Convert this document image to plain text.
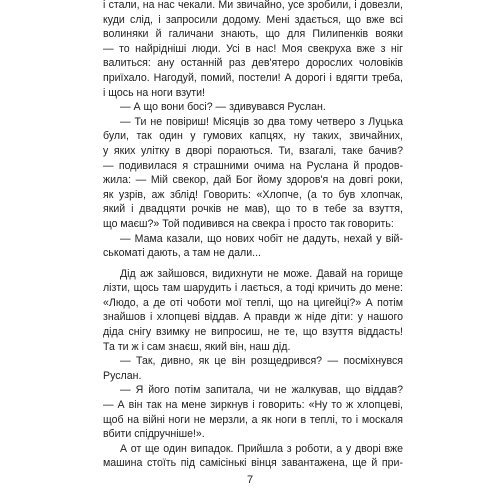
і стали, на нас чекали. Ми звичайно, усе зробили, і довезли,
куди слід, і запросили додому. Мені здається, що вже всі
волиняки й галичани знають, що для Пилипенків вояки
— то найрідніші люди. Усі в нас! Моя свекруха вже з ніг
валиться: ану останній раз дев'ятеро дорослих чоловіків
приїхало. Нагодуй, помий, постели! А дорогі і вдягти треба,
і щось на ноги взути!
— А що вони босі? — здивувався Руслан.
— Ти не повіриш! Місяців зо два тому четверо з Луцька
були, так один у гумових капцях, ну таких, звичайних,
у яких улітку в дворі пораються. Ти, взагалі, таке бачив?
— подивилася я страшними очима на Руслана й продов-
жила: — Мій свекор, дай Бог йому здоров'я на довгі роки,
як узрів, аж зблід! Говорить: «Хлопче, (а то був хлопчак,
який і двадцяти рочків не мав), що то в тебе за взуття,
що маєш?» Той подивився на свекра і просто так говорить:
— Мама казали, що нових чобіт не дадуть, нехай у вій-
ськоматі дають, а там не дали...
Дід аж зайшовся, видихнути не може. Давай на горище
лізти, щось там шарудить і лається, а тоді кричить до мене:
«Людо, а де оті чоботи мої теплі, що на цигейці?» А потім
знайшов і хлопцеві віддав. А правди ж ніде діти: у нашого
діда снігу взимку не випросиш, не те, що взуття віддасть!
Та ти ж і сам знаєш, який він, наш дід.
— Так, дивно, як це він розщедрився? — посміхнувся
Руслан.
— Я його потім запитала, чи не жалкував, що віддав?
— А він так на мене зиркнув і говорить: «Ну то ж хлопцеві,
щоб на війні ноги не мерзли, а як ноги в теплі, то і москаля
вбити спідручніше!».
А от ще один випадок. Прийшла з роботи, а у дворі вже
машина стоїть під самісінькі вінця завантажена, ще й при-
7
